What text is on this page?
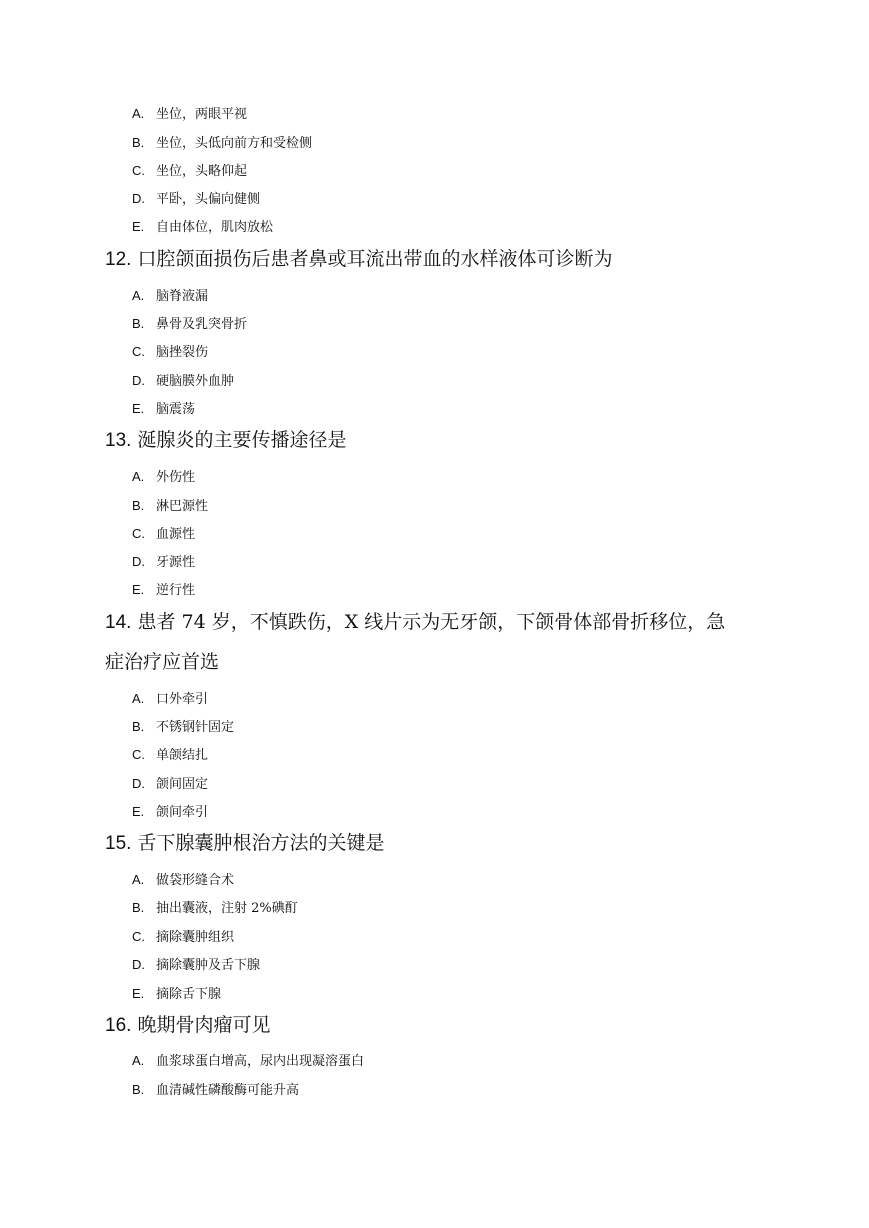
A. 坐位，两眼平视
B. 坐位，头低向前方和受检侧
C. 坐位，头略仰起
D. 平卧，头偏向健侧
E. 自由体位，肌肉放松
12. 口腔颌面损伤后患者鼻或耳流出带血的水样液体可诊断为
A. 脑脊液漏
B. 鼻骨及乳突骨折
C. 脑挫裂伤
D. 硬脑膜外血肿
E. 脑震荡
13. 涎腺炎的主要传播途径是
A. 外伤性
B. 淋巴源性
C. 血源性
D. 牙源性
E. 逆行性
14. 患者 74 岁，不慎跌伤，X 线片示为无牙颌，下颌骨体部骨折移位，急
症治疗应首选
A. 口外牵引
B. 不锈钢针固定
C. 单颌结扎
D. 颌间固定
E. 颌间牵引
15. 舌下腺囊肿根治方法的关键是
A. 做袋形缝合术
B. 抽出囊液，注射 2%碘酊
C. 摘除囊肿组织
D. 摘除囊肿及舌下腺
E. 摘除舌下腺
16. 晚期骨肉瘤可见
A. 血浆球蛋白增高，尿内出现凝溶蛋白
B. 血清碱性磷酸酶可能升高
